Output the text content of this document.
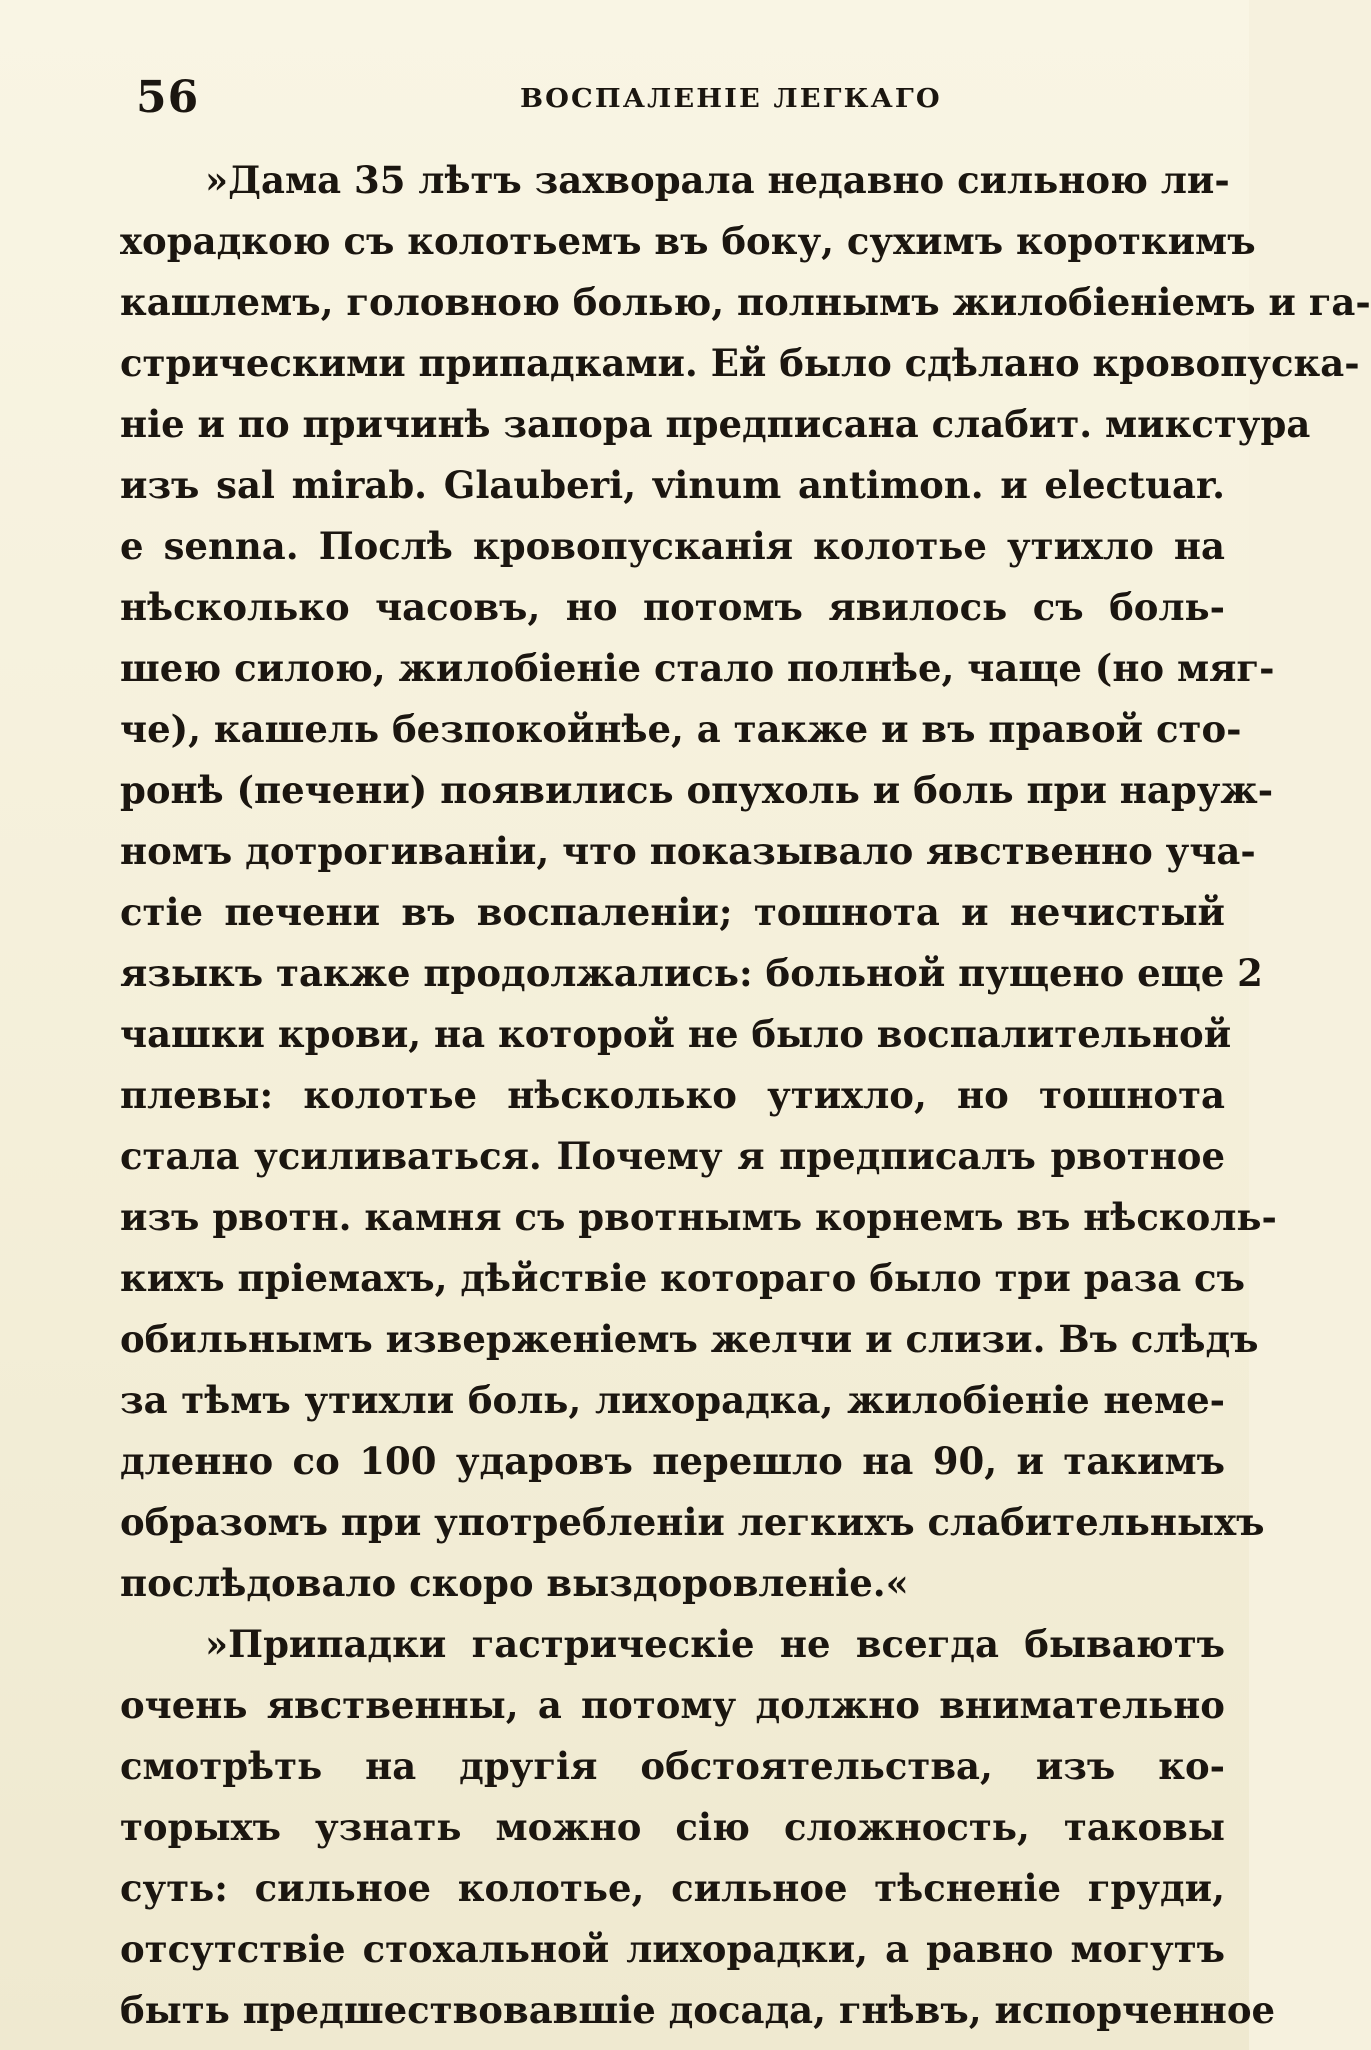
56	ВОСПАЛЕНІЕ ЛЕГКАГО
»Дама 35 лѣтъ захворала недавно сильною ли-
хорадкою съ колотьемъ въ боку, сухимъ короткимъ
кашлемъ, головною болью, полнымъ жилобіеніемъ и га-
стрическими припадками. Ей было сдѣлано кровопуска-
ніе и по причинѣ запора предписана слабит. микстура
изъ sal mirab. Glauberi, vinum antimon. и electuar.
e senna. Послѣ кровопусканія колотье утихло на
нѣсколько часовъ, но потомъ явилось съ боль-
шею силою, жилобіеніе стало полнѣе, чаще (но мяг-
че), кашель безпокойнѣе, а также и въ правой сто-
ронѣ (печени) появились опухоль и боль при наруж-
номъ дотрогиваніи, что показывало явственно уча-
стіе печени въ воспаленіи; тошнота и нечистый
языкъ также продолжались: больной пущено еще 2
чашки крови, на которой не было воспалительной
плевы: колотье нѣсколько утихло, но тошнота
стала усиливаться. Почему я предписалъ рвотное
изъ рвотн. камня съ рвотнымъ корнемъ въ нѣсколь-
кихъ пріемахъ, дѣйствіе котораго было три раза съ
обильнымъ изверженіемъ желчи и слизи. Въ слѣдъ
за тѣмъ утихли боль, лихорадка, жилобіеніе неме-
дленно со 100 ударовъ перешло на 90, и такимъ
образомъ при употребленіи легкихъ слабительныхъ
послѣдовало скоро выздоровленіе.«
»Припадки гастрическіе не всегда бываютъ
очень явственны, а потому должно внимательно
смотрѣть на другія обстоятельства, изъ ко-
торыхъ узнать можно сію сложность, таковы
суть: сильное колотье, сильное тѣсненіе груди,
отсутствіе стохальной лихорадки, а равно могутъ
быть предшествовавшіе досада, гнѣвъ, испорченное
